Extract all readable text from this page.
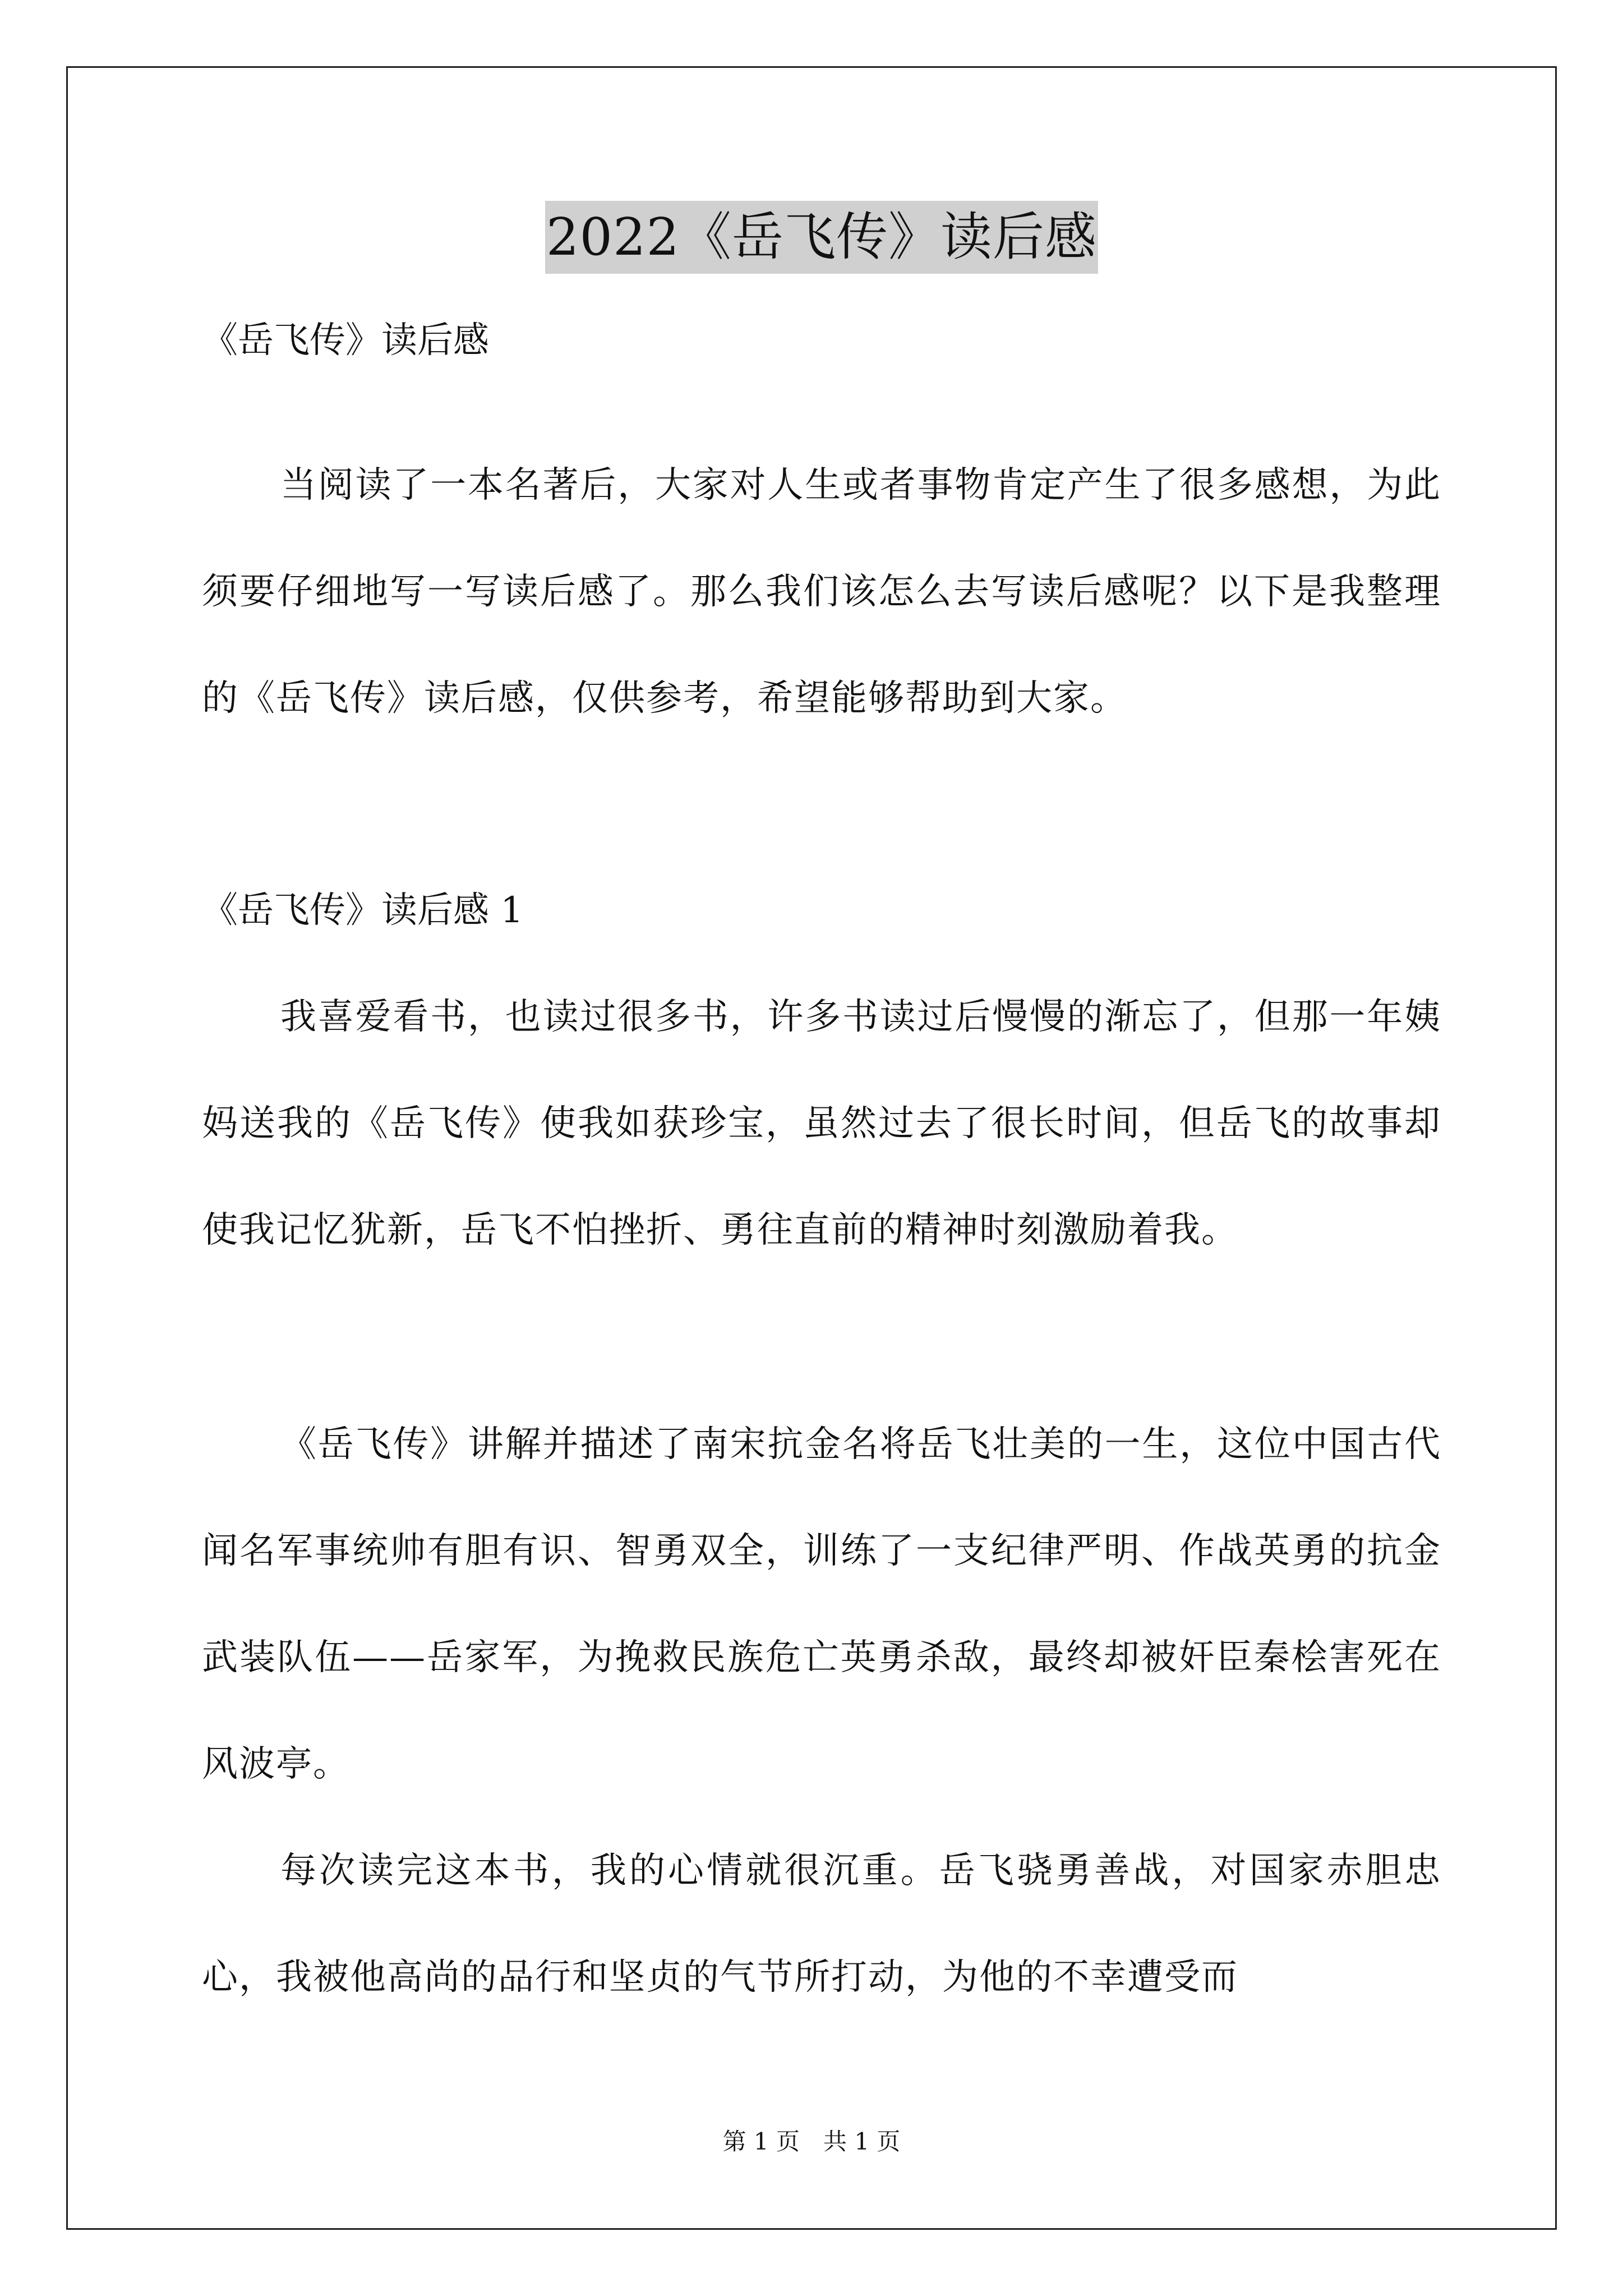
2022《岳飞传》读后感
《岳飞传》读后感

当阅读了一本名著后，大家对人生或者事物肯定产生了很多感想，为此须要仔细地写一写读后感了。那么我们该怎么去写读后感呢？以下是我整理的《岳飞传》读后感，仅供参考，希望能够帮助到大家。

《岳飞传》读后感 1

我喜爱看书，也读过很多书，许多书读过后慢慢的渐忘了，但那一年姨妈送我的《岳飞传》使我如获珍宝，虽然过去了很长时间，但岳飞的故事却使我记忆犹新，岳飞不怕挫折、勇往直前的精神时刻激励着我。

《岳飞传》讲解并描述了南宋抗金名将岳飞壮美的一生，这位中国古代闻名军事统帅有胆有识、智勇双全，训练了一支纪律严明、作战英勇的抗金武装队伍——岳家军，为挽救民族危亡英勇杀敌，最终却被奸臣秦桧害死在风波亭。

每次读完这本书，我的心情就很沉重。岳飞骁勇善战，对国家赤胆忠心，我被他高尚的品行和坚贞的气节所打动，为他的不幸遭受而

第 1 页　共 1 页
